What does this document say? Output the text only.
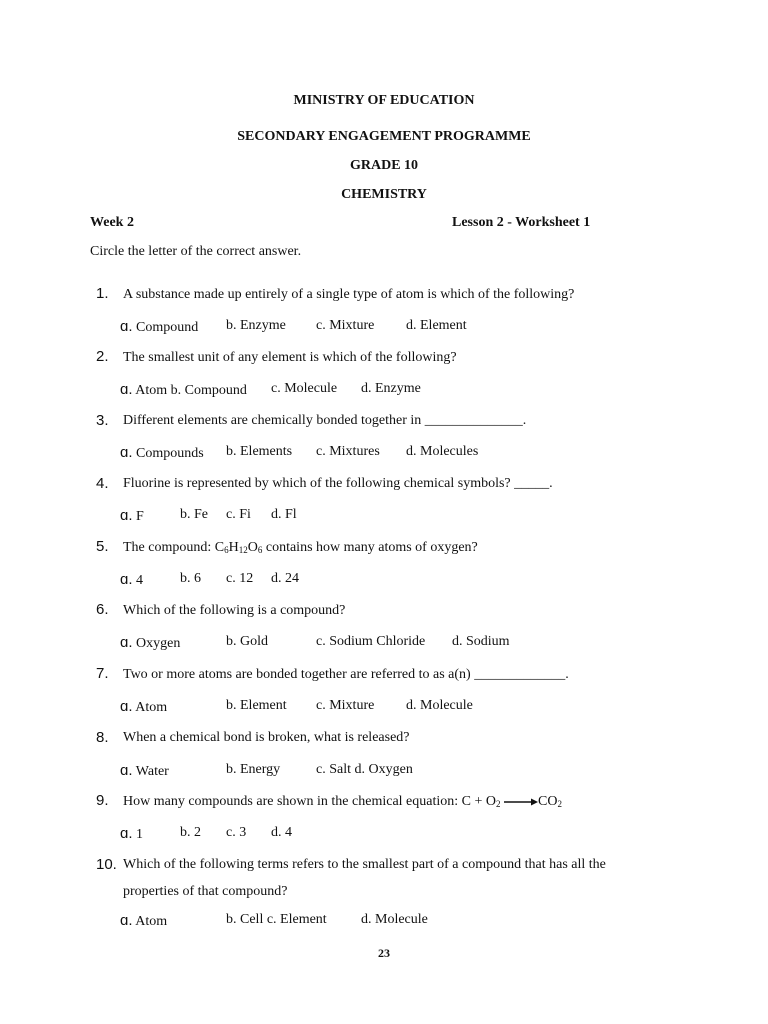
MINISTRY OF EDUCATION
SECONDARY ENGAGEMENT PROGRAMME
GRADE 10
CHEMISTRY
Week 2	Lesson 2 - Worksheet 1
Circle the letter of the correct answer.
1. A substance made up entirely of a single type of atom is which of the following?
ɑ. Compound b. Enzyme c. Mixture d. Element
2. The smallest unit of any element is which of the following?
ɑ. Atom b. Compound c. Molecule d. Enzyme
3. Different elements are chemically bonded together in ______________.
ɑ. Compounds b. Elements c. Mixtures d. Molecules
4. Fluorine is represented by which of the following chemical symbols? _____.
ɑ. F	b. Fe c. Fi d. Fl
5. The compound: $C_6H_{12}O_6$ contains how many atoms of oxygen?
ɑ. 4	b. 6 c. 12 d. 24
6. Which of the following is a compound?
ɑ. Oxygen	b. Gold	c. Sodium Chloride d. Sodium
7. Two or more atoms are bonded together are referred to as a(n) _____________.
ɑ. Atom	b. Element c. Mixture d. Molecule
8. When a chemical bond is broken, what is released?
ɑ. Water	b. Energy	c. Salt d. Oxygen
9. How many compounds are shown in the chemical equation: $C + O_2 \to CO_2$
ɑ. 1	b. 2 c. 3 d. 4
10. Which of the following terms refers to the smallest part of a compound that has all the
properties of that compound?
ɑ. Atom	b. Cell c. Element d. Molecule
23
